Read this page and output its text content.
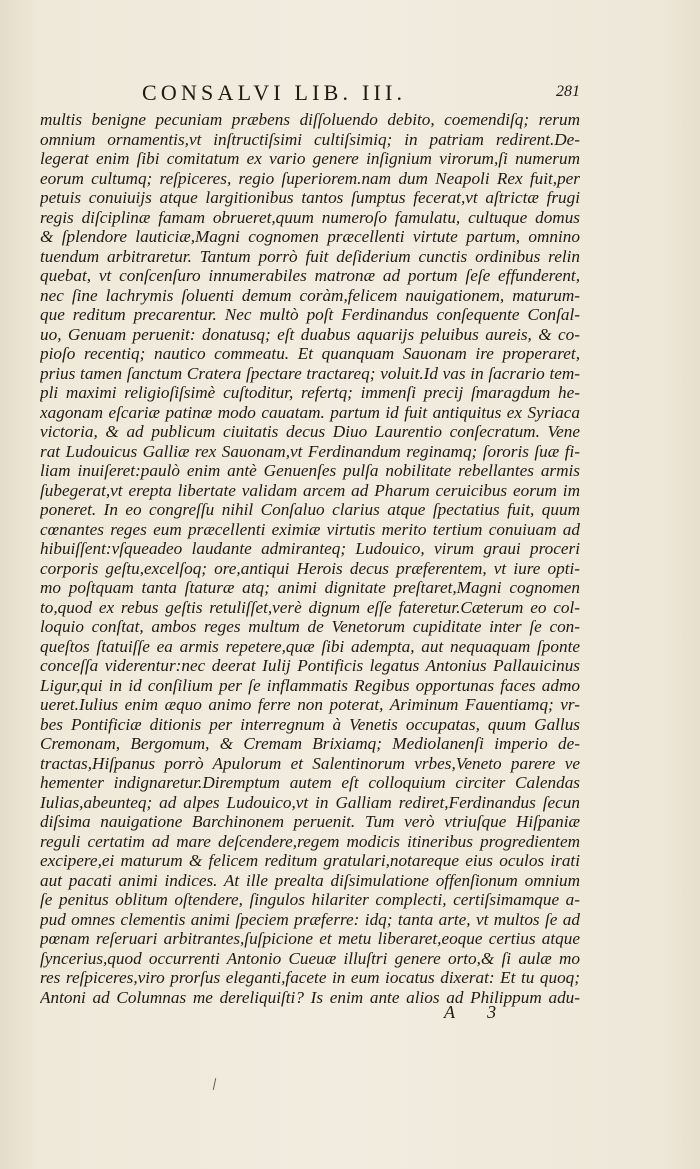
CONSALVI LIB. III.	281
multis benigne pecuniam præbens diſſoluendo debito, coemendiſq; rerum
omnium ornamentis,vt inſtructiſsimi cultiſsimiq; in patriam redirent.De-
legerat enim ſibi comitatum ex vario genere inſignium virorum,ſi numerum
eorum cultumq; reſpiceres, regio ſuperiorem.nam dum Neapoli Rex fuit,per
petuis conuiuijs atque largitionibus tantos ſumptus fecerat,vt aſtrictæ frugi
regis diſciplinæ famam obrueret,quum numeroſo famulatu, cultuque domus
& ſplendore lauticiæ,Magni cognomen præcellenti virtute partum, omnino
tuendum arbitraretur. Tantum porrò fuit deſiderium cunctis ordinibus relin
quebat, vt conſcenſuro innumerabiles matronæ ad portum ſeſe effunderent,
nec ſine lachrymis ſoluenti demum coràm,felicem nauigationem, maturum-
que reditum precarentur. Nec multò poſt Ferdinandus conſequente Conſal-
uo, Genuam peruenit: donatusq; eſt duabus aquarijs peluibus aureis, & co-
pioſo recentiq; nautico commeatu. Et quanquam Sauonam ire properaret,
prius tamen ſanctum Cratera ſpectare tractareq; voluit.Id vas in ſacrario tem-
pli maximi religioſiſsimè cuſtoditur, refertq; immenſi precij ſmaragdum he-
xagonam eſcariæ patinæ modo cauatam. partum id fuit antiquitus ex Syriaca
victoria, & ad publicum ciuitatis decus Diuo Laurentio conſecratum. Vene
rat Ludouicus Galliæ rex Sauonam,vt Ferdinandum reginamq; ſororis ſuæ fi-
liam inuiſeret:paulò enim antè Genuenſes pulſa nobilitate rebellantes armis
ſubegerat,vt erepta libertate validam arcem ad Pharum ceruicibus eorum im
poneret. In eo congreſſu nihil Conſaluo clarius atque ſpectatius fuit, quum
cœnantes reges eum præcellenti eximiæ virtutis merito tertium conuiuam ad
hibuiſſent:vſqueadeo laudante admiranteq; Ludouico, virum graui proceri
corporis geſtu,excelſoq; ore,antiqui Herois decus præferentem, vt iure opti-
mo poſtquam tanta ſtaturæ atq; animi dignitate preſtaret,Magni cognomen
to,quod ex rebus geſtis retuliſſet,verè dignum eſſe fateretur.Cæterum eo col-
loquio conſtat, ambos reges multum de Venetorum cupiditate inter ſe con-
queſtos ſtatuiſſe ea armis repetere,quæ ſibi adempta, aut nequaquam ſponte
conceſſa viderentur:nec deerat Iulij Pontificis legatus Antonius Pallauicinus
Ligur,qui in id conſilium per ſe inflammatis Regibus opportunas faces admo
ueret.Iulius enim æquo animo ferre non poterat, Ariminum Fauentiamq; vr-
bes Pontificiæ ditionis per interregnum à Venetis occupatas, quum Gallus
Cremonam, Bergomum, & Cremam Brixiamq; Mediolanenſi imperio de-
tractas,Hiſpanus porrò Apulorum et Salentinorum vrbes,Veneto parere ve
hementer indignaretur.Diremptum autem eſt colloquium circiter Calendas
Iulias,abeunteq; ad alpes Ludouico,vt in Galliam rediret,Ferdinandus ſecun
diſsima nauigatione Barchinonem peruenit. Tum verò vtriuſque Hiſpaniæ
reguli certatim ad mare deſcendere,regem modicis itineribus progredientem
excipere,ei maturum & felicem reditum gratulari,notareque eius oculos irati
aut pacati animi indices. At ille prealta diſsimulatione offenſionum omnium
ſe penitus oblitum oſtendere, ſingulos hilariter complecti, certiſsimamque a-
pud omnes clementis animi ſpeciem præferre: idq; tanta arte, vt multos ſe ad
pœnam reſeruari arbitrantes,ſuſpicione et metu liberaret,eoque certius atque
ſyncerius,quod occurrenti Antonio Cueuæ illuſtri genere orto,& ſi aulæ mo
res reſpiceres,viro prorſus eleganti,facete in eum iocatus dixerat: Et tu quoq;
Antoni ad Columnas me dereliquiſti? Is enim ante alios ad Philippum adu-
A 3
